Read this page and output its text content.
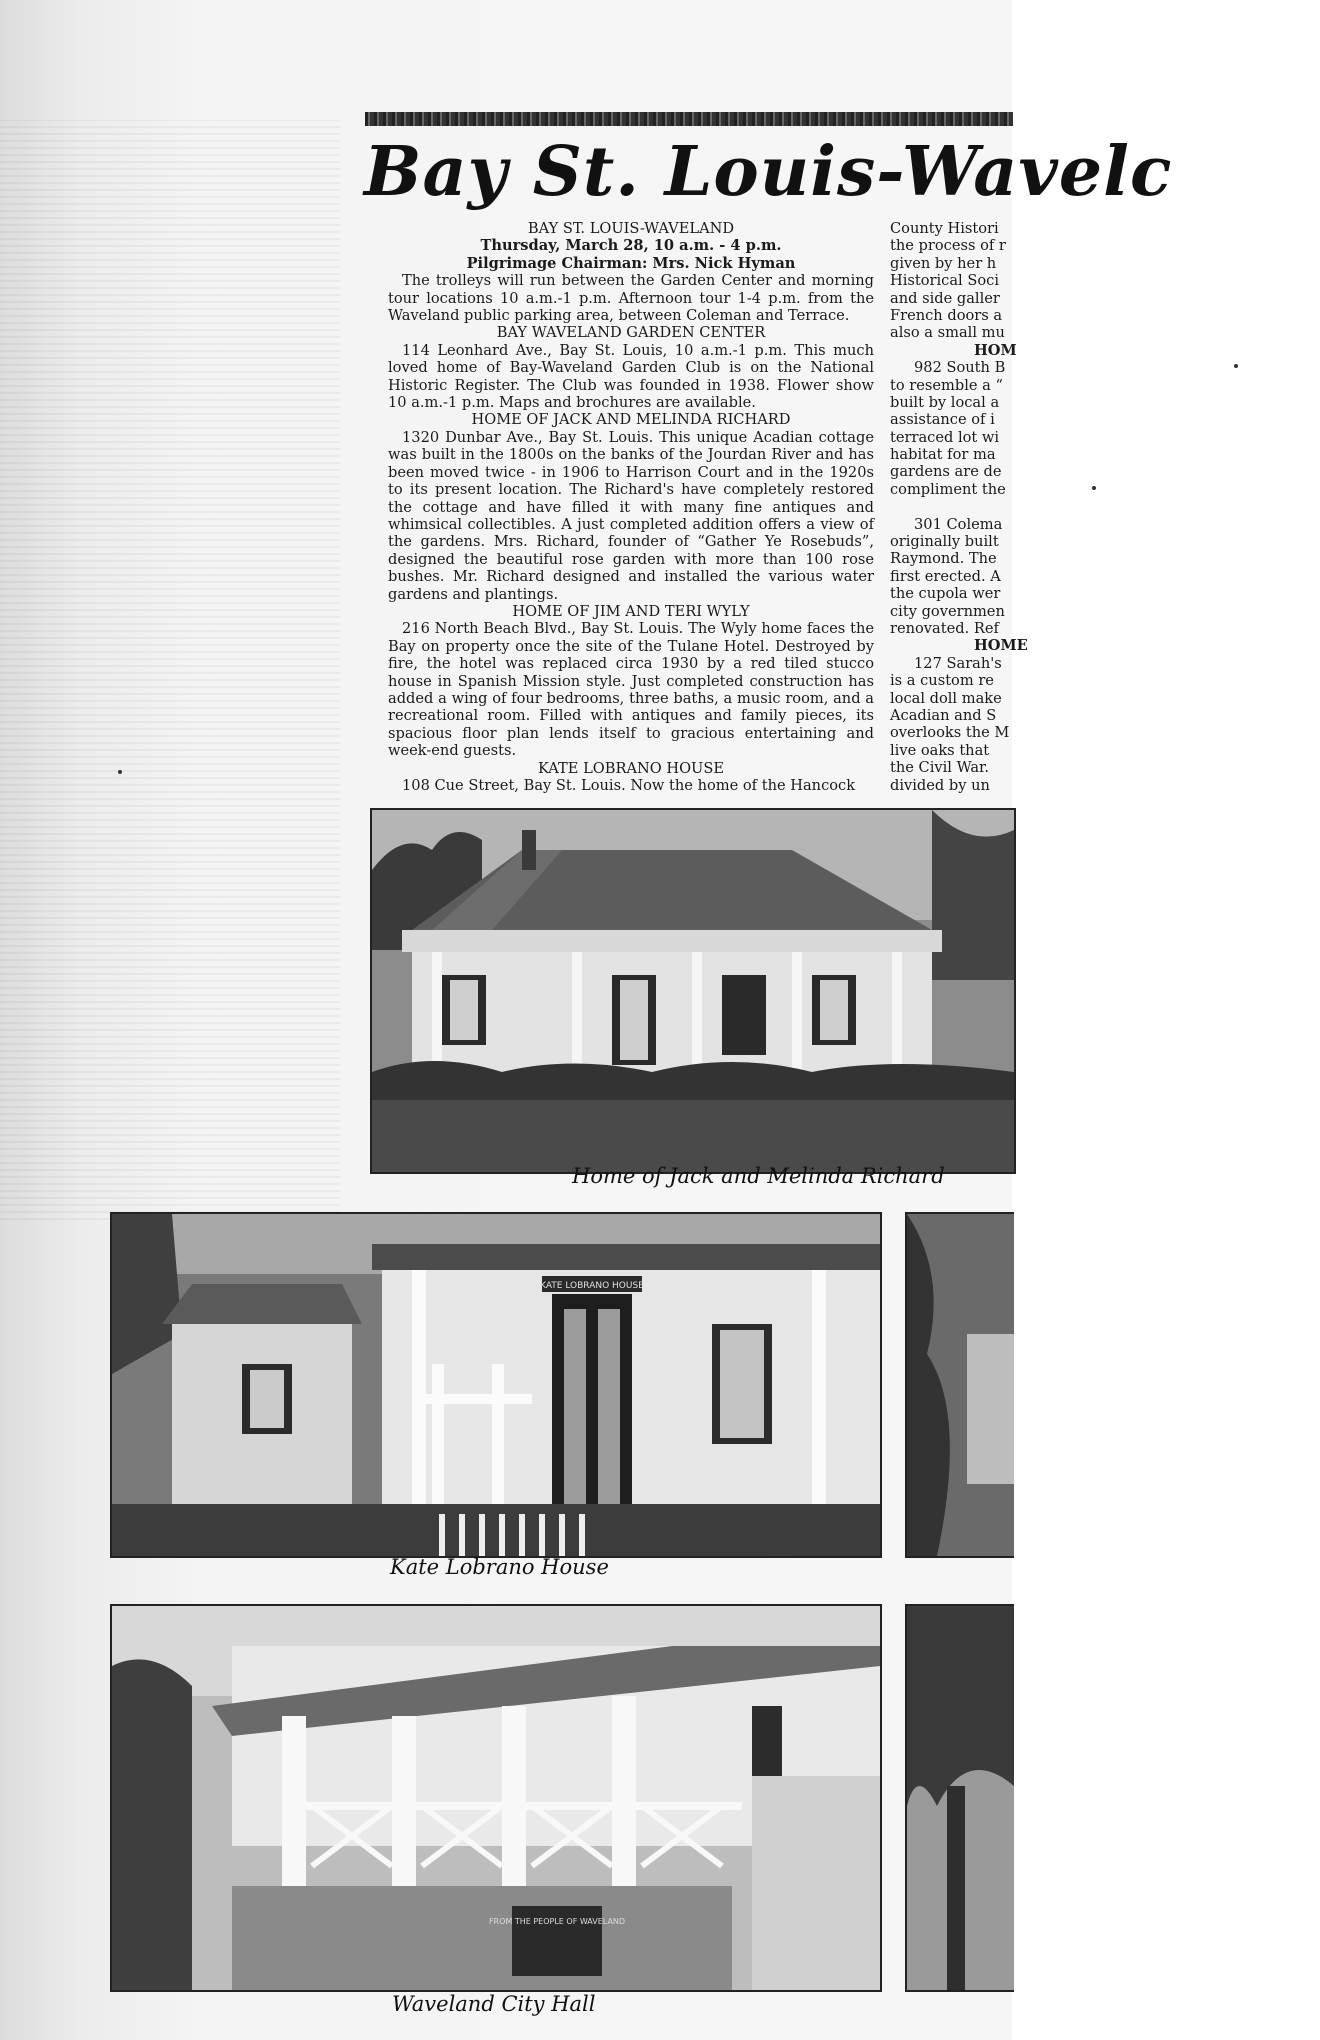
Bay St. Louis-Wavelc
BAY ST. LOUIS-WAVELAND
Thursday, March 28, 10 a.m. - 4 p.m.
Pilgrimage Chairman: Mrs. Nick Hyman

The trolleys will run between the Garden Center and morning tour locations 10 a.m.-1 p.m. Afternoon tour 1-4 p.m. from the Waveland public parking area, between Coleman and Terrace.

BAY WAVELAND GARDEN CENTER

114 Leonhard Ave., Bay St. Louis, 10 a.m.-1 p.m. This much loved home of Bay-Waveland Garden Club is on the National Historic Register. The Club was founded in 1938. Flower show 10 a.m.-1 p.m. Maps and brochures are available.

HOME OF JACK AND MELINDA RICHARD

1320 Dunbar Ave., Bay St. Louis. This unique Acadian cottage was built in the 1800s on the banks of the Jourdan River and has been moved twice - in 1906 to Harrison Court and in the 1920s to its present location. The Richard's have completely restored the cottage and have filled it with many fine antiques and whimsical collectibles. A just completed addition offers a view of the gardens. Mrs. Richard, founder of “Gather Ye Rosebuds”, designed the beautiful rose garden with more than 100 rose bushes. Mr. Richard designed and installed the various water gardens and plantings.

HOME OF JIM AND TERI WYLY

216 North Beach Blvd., Bay St. Louis. The Wyly home faces the Bay on property once the site of the Tulane Hotel. Destroyed by fire, the hotel was replaced circa 1930 by a red tiled stucco house in Spanish Mission style. Just completed construction has added a wing of four bedrooms, three baths, a music room, and a recreational room. Filled with antiques and family pieces, its spacious floor plan lends itself to gracious entertaining and week-end guests.

KATE LOBRANO HOUSE

108 Cue Street, Bay St. Louis. Now the home of the Hancock

County Histori
the process of r
given by her h
Historical Soci
and side galler
French doors a
also a small mu
HOM
982 South B
to resemble a “
built by local a
assistance of i
terraced lot wi
habitat for ma
gardens are de
compliment the
301 Colema
originally built
Raymond. The
first erected. A
the cupola wer
city governmen
renovated. Ref
HOME
127 Sarah's
is a custom re
local doll make
Acadian and S
overlooks the M
live oaks that
the Civil War.
divided by un
Home of Jack and Melinda Richard
KATE LOBRANO HOUSE
Kate Lobrano House
FROM THE PEOPLE OF WAVELAND
Waveland City Hall
